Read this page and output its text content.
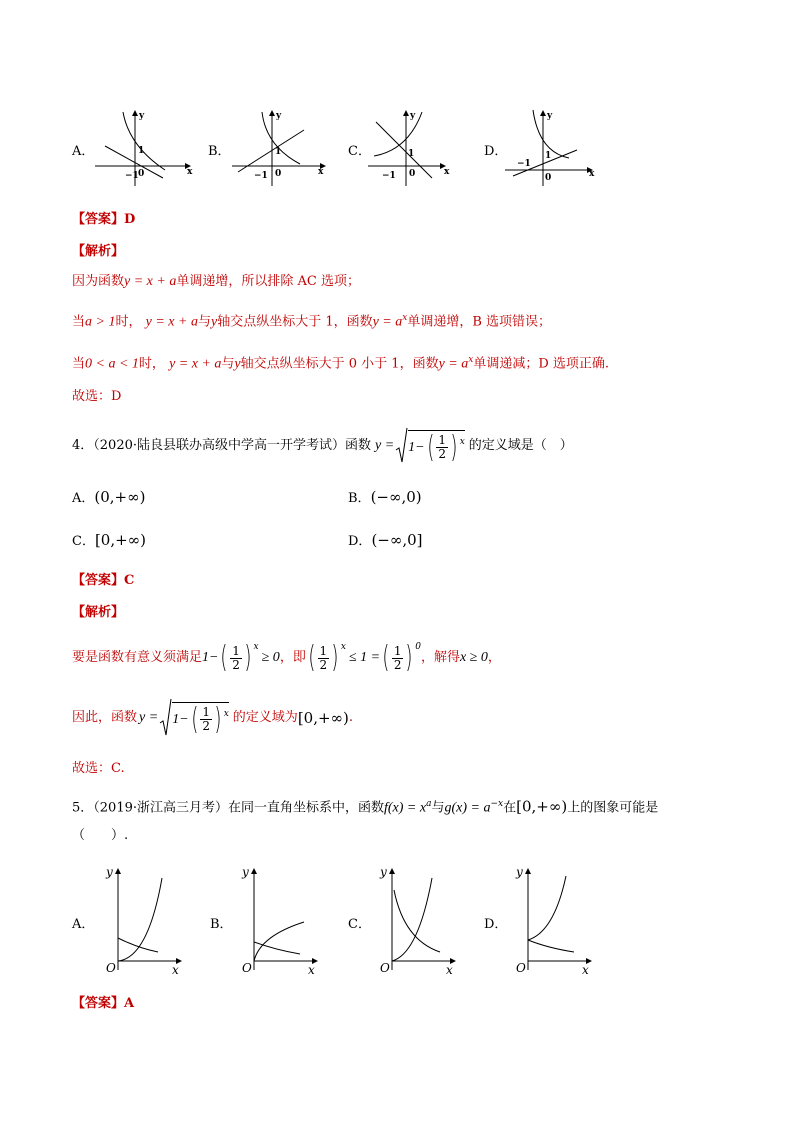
A．
−1 0
1
y
x
B．
−1 0
1
y
x
C．
−1 0
1
y
x
D．
−1
0
1
y
x
【答案】D
【解析】
因为函数y = x + a单调递增，所以排除 AC 选项；
当a > 1时， y = x + a与y轴交点纵坐标大于 1，函数$y = a^x$单调递增，B 选项错误；
当0 < a < 1时， y = x + a与y轴交点纵坐标大于 0 小于 1，函数$y = a^x$单调递减；D 选项正确.
故选：D
4．（2020·陆良县联办高级中学高一开学考试）函数 y = 1− ( $\frac{1}{2}$ ) x 的定义域是（　）
A．(0,+∞)	B．(−∞,0)
C．[0,+∞)	D．(−∞,0]
【答案】C
【解析】
要是函数有意义须满足 1− ( $\frac{1}{2}$ ) x
≥ 0 ，即 ( $\frac{1}{2}$ ) x
≤ 1 = ( $\frac{1}{2}$ ) 0
，解得 x ≥ 0 ，
因此，函数 y = 1− ( $\frac{1}{2}$ ) x 的定义域为 [0,+∞) .
故选：C.
5．（2019·浙江高三月考）在同一直角坐标系中，函数$f(x) = x^a$与$g(x) = a^{-x}$在[0,+∞)上的图象可能是
（　　）.
A．
y
O	x
B．
y
O	x
C．
y
O	x
D．
y
O	x
【答案】A
